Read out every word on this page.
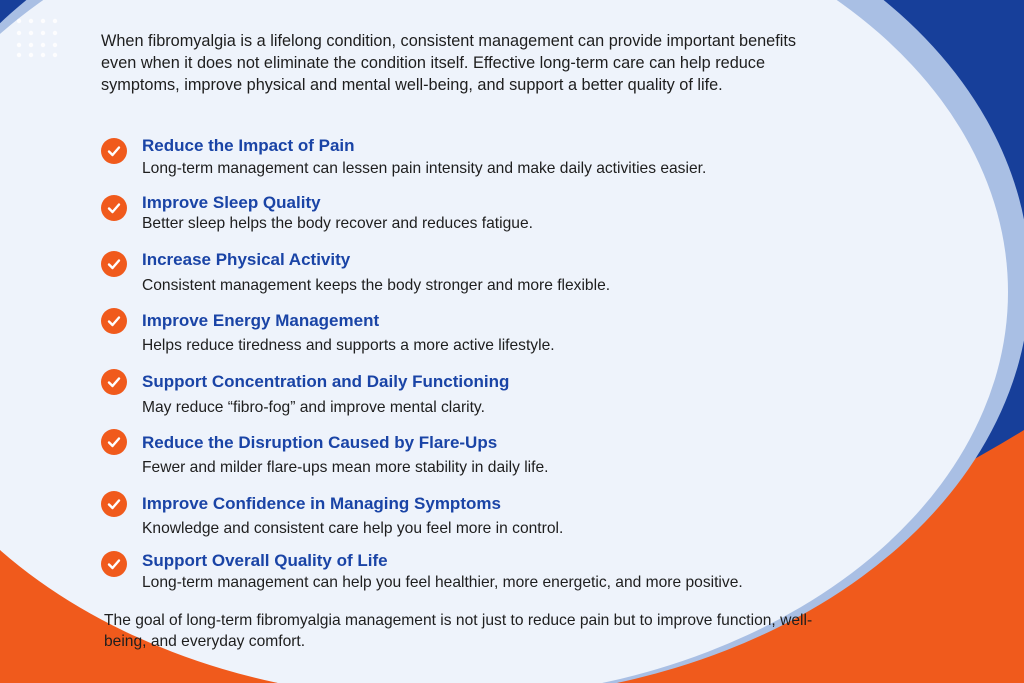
When fibromyalgia is a lifelong condition, consistent management can provide important benefits even when it does not eliminate the condition itself. Effective long-term care can help reduce symptoms, improve physical and mental well-being, and support a better quality of life.

Reduce the Impact of Pain

Long-term management can lessen pain intensity and make daily activities easier.

Improve Sleep Quality

Better sleep helps the body recover and reduces fatigue.

Increase Physical Activity

Consistent management keeps the body stronger and more flexible.

Improve Energy Management

Helps reduce tiredness and supports a more active lifestyle.

Support Concentration and Daily Functioning

May reduce “fibro-fog” and improve mental clarity.

Reduce the Disruption Caused by Flare-Ups

Fewer and milder flare-ups mean more stability in daily life.

Improve Confidence in Managing Symptoms

Knowledge and consistent care help you feel more in control.

Support Overall Quality of Life

Long-term management can help you feel healthier, more energetic, and more positive.

The goal of long-term fibromyalgia management is not just to reduce pain but to improve function, well-being, and everyday comfort.
